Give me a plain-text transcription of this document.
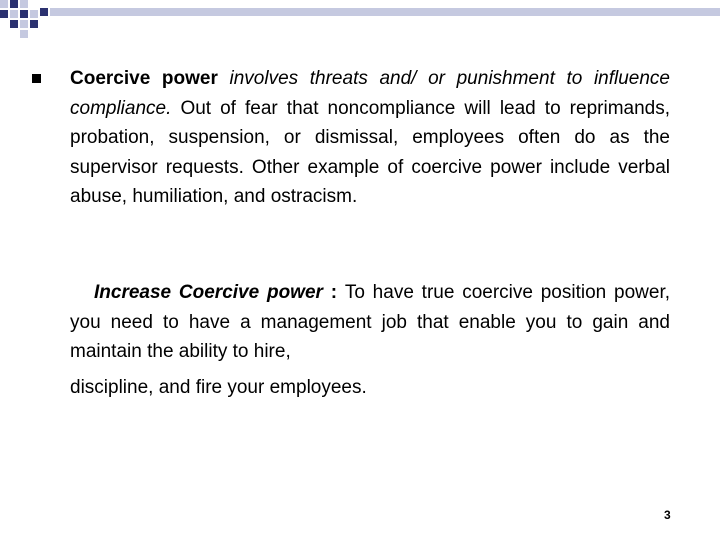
Coercive power involves threats and/ or punishment to influence compliance. Out of fear that noncompliance will lead to reprimands, probation, suspension, or dismissal, employees often do as the supervisor requests. Other example of coercive power include verbal abuse, humiliation, and ostracism.

Increase Coercive power : To have true coercive position power, you need to have a management job that enable you to gain and maintain the ability to hire,
discipline, and fire your employees.

3
